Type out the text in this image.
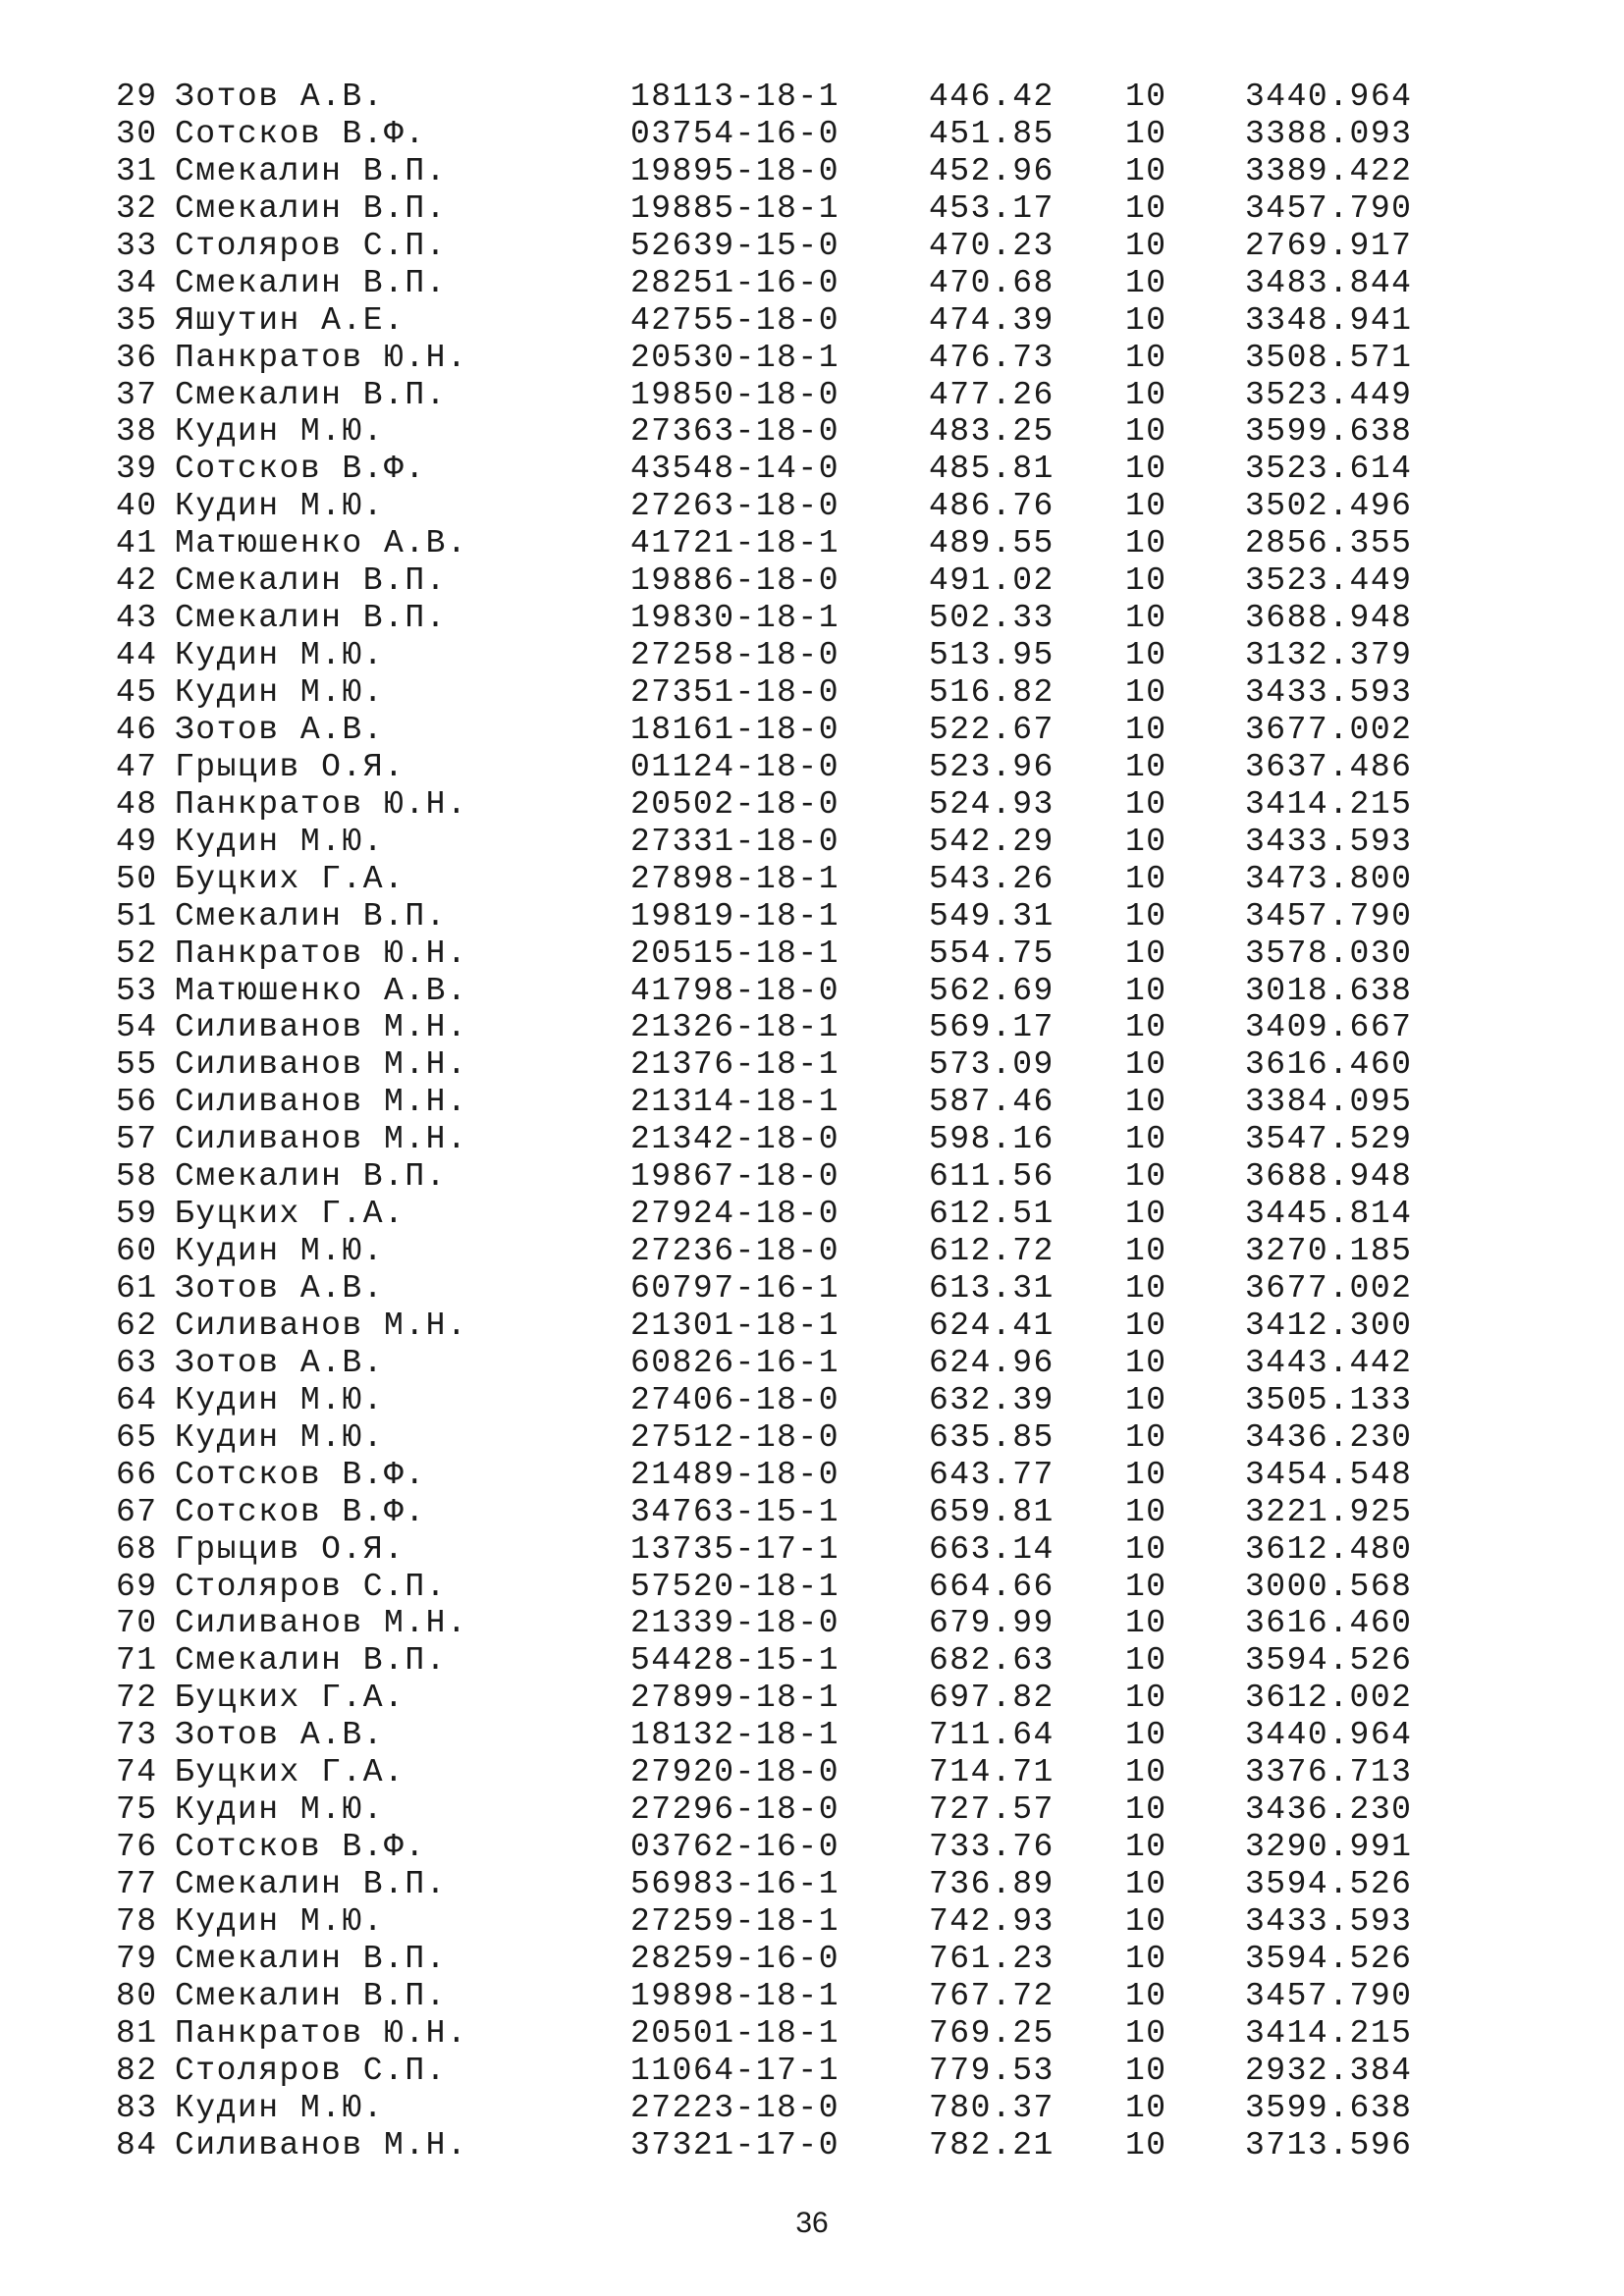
29 Зотов А.В.	18113-18-1	446.42 10 3440.964
30 Сотсков В.Ф.	03754-16-0	451.85 10 3388.093
31 Смекалин В.П.	19895-18-0	452.96 10 3389.422
32 Смекалин В.П.	19885-18-1	453.17 10 3457.790
33 Столяров С.П.	52639-15-0	470.23 10 2769.917
34 Смекалин В.П.	28251-16-0	470.68 10 3483.844
35 Яшутин А.Е.	42755-18-0	474.39 10 3348.941
36 Панкратов Ю.Н.	20530-18-1	476.73 10 3508.571
37 Смекалин В.П.	19850-18-0	477.26 10 3523.449
38 Кудин М.Ю.	27363-18-0	483.25 10 3599.638
39 Сотсков В.Ф.	43548-14-0	485.81 10 3523.614
40 Кудин М.Ю.	27263-18-0	486.76 10 3502.496
41 Матюшенко А.В.	41721-18-1	489.55 10 2856.355
42 Смекалин В.П.	19886-18-0	491.02 10 3523.449
43 Смекалин В.П.	19830-18-1	502.33 10 3688.948
44 Кудин М.Ю.	27258-18-0	513.95 10 3132.379
45 Кудин М.Ю.	27351-18-0	516.82 10 3433.593
46 Зотов А.В.	18161-18-0	522.67 10 3677.002
47 Грыцив О.Я.	01124-18-0	523.96 10 3637.486
48 Панкратов Ю.Н.	20502-18-0	524.93 10 3414.215
49 Кудин М.Ю.	27331-18-0	542.29 10 3433.593
50 Буцких Г.А.	27898-18-1	543.26 10 3473.800
51 Смекалин В.П.	19819-18-1	549.31 10 3457.790
52 Панкратов Ю.Н.	20515-18-1	554.75 10 3578.030
53 Матюшенко А.В.	41798-18-0	562.69 10 3018.638
54 Силиванов М.Н.	21326-18-1	569.17 10 3409.667
55 Силиванов М.Н.	21376-18-1	573.09 10 3616.460
56 Силиванов М.Н.	21314-18-1	587.46 10 3384.095
57 Силиванов М.Н.	21342-18-0	598.16 10 3547.529
58 Смекалин В.П.	19867-18-0	611.56 10 3688.948
59 Буцких Г.А.	27924-18-0	612.51 10 3445.814
60 Кудин М.Ю.	27236-18-0	612.72 10 3270.185
61 Зотов А.В.	60797-16-1	613.31 10 3677.002
62 Силиванов М.Н.	21301-18-1	624.41 10 3412.300
63 Зотов А.В.	60826-16-1	624.96 10 3443.442
64 Кудин М.Ю.	27406-18-0	632.39 10 3505.133
65 Кудин М.Ю.	27512-18-0	635.85 10 3436.230
66 Сотсков В.Ф.	21489-18-0	643.77 10 3454.548
67 Сотсков В.Ф.	34763-15-1	659.81 10 3221.925
68 Грыцив О.Я.	13735-17-1	663.14 10 3612.480
69 Столяров С.П.	57520-18-1	664.66 10 3000.568
70 Силиванов М.Н.	21339-18-0	679.99 10 3616.460
71 Смекалин В.П.	54428-15-1	682.63 10 3594.526
72 Буцких Г.А.	27899-18-1	697.82 10 3612.002
73 Зотов А.В.	18132-18-1	711.64 10 3440.964
74 Буцких Г.А.	27920-18-0	714.71 10 3376.713
75 Кудин М.Ю.	27296-18-0	727.57 10 3436.230
76 Сотсков В.Ф.	03762-16-0	733.76 10 3290.991
77 Смекалин В.П.	56983-16-1	736.89 10 3594.526
78 Кудин М.Ю.	27259-18-1	742.93 10 3433.593
79 Смекалин В.П.	28259-16-0	761.23 10 3594.526
80 Смекалин В.П.	19898-18-1	767.72 10 3457.790
81 Панкратов Ю.Н.	20501-18-1	769.25 10 3414.215
82 Столяров С.П.	11064-17-1	779.53 10 2932.384
83 Кудин М.Ю.	27223-18-0	780.37 10 3599.638
84 Силиванов М.Н.	37321-17-0	782.21 10 3713.596
36
